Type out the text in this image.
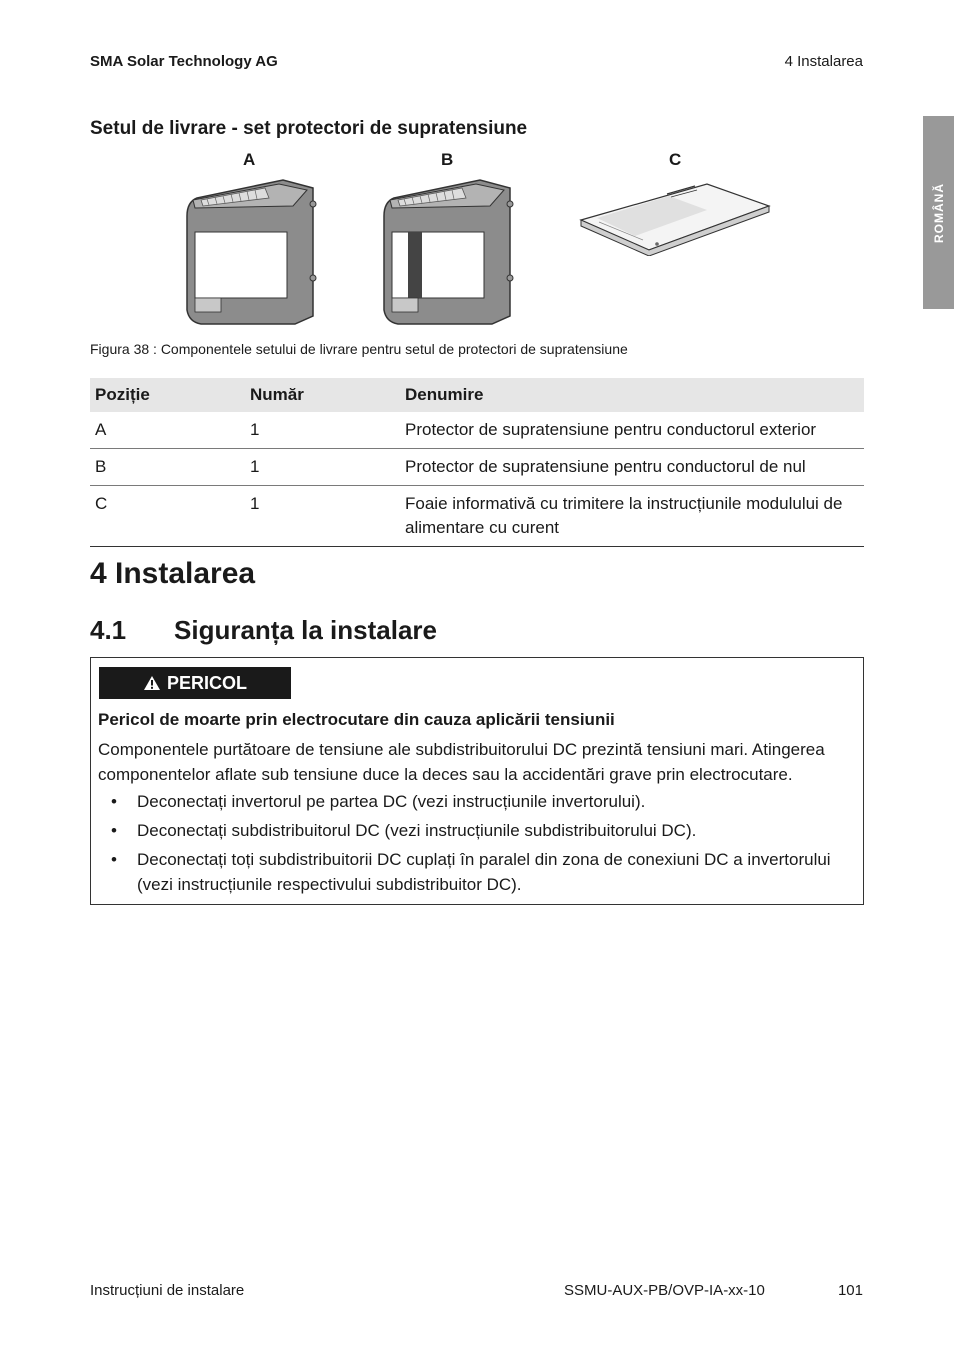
SMA Solar Technology AG	4 Instalarea
ROMÂNĂ
Setul de livrare - set protectori de supratensiune
A	B	C
Figura 38 : Componentele setului de livrare pentru setul de protectori de supratensiune
Poziție	Număr	Denumire
A	1	Protector de supratensiune pentru conductorul exterior
B	1	Protector de supratensiune pentru conductorul de nul
C	1	Foaie informativă cu trimitere la instrucțiunile modulului de alimentare cu curent
4 Instalarea
4.1 Siguranța la instalare
PERICOL
Pericol de moarte prin electrocutare din cauza aplicării tensiunii
Componentele purtătoare de tensiune ale subdistribuitorului DC prezintă tensiuni mari. Atingerea componentelor aflate sub tensiune duce la deces sau la accidentări grave prin electrocutare.
• Deconectați invertorul pe partea DC (vezi instrucțiunile invertorului).
• Deconectați subdistribuitorul DC (vezi instrucțiunile subdistribuitorului DC).
• Deconectați toți subdistribuitorii DC cuplați în paralel din zona de conexiuni DC a invertorului (vezi instrucțiunile respectivului subdistribuitor DC).
Instrucțiuni de instalare	SSMU-AUX-PB/OVP-IA-xx-10	101
